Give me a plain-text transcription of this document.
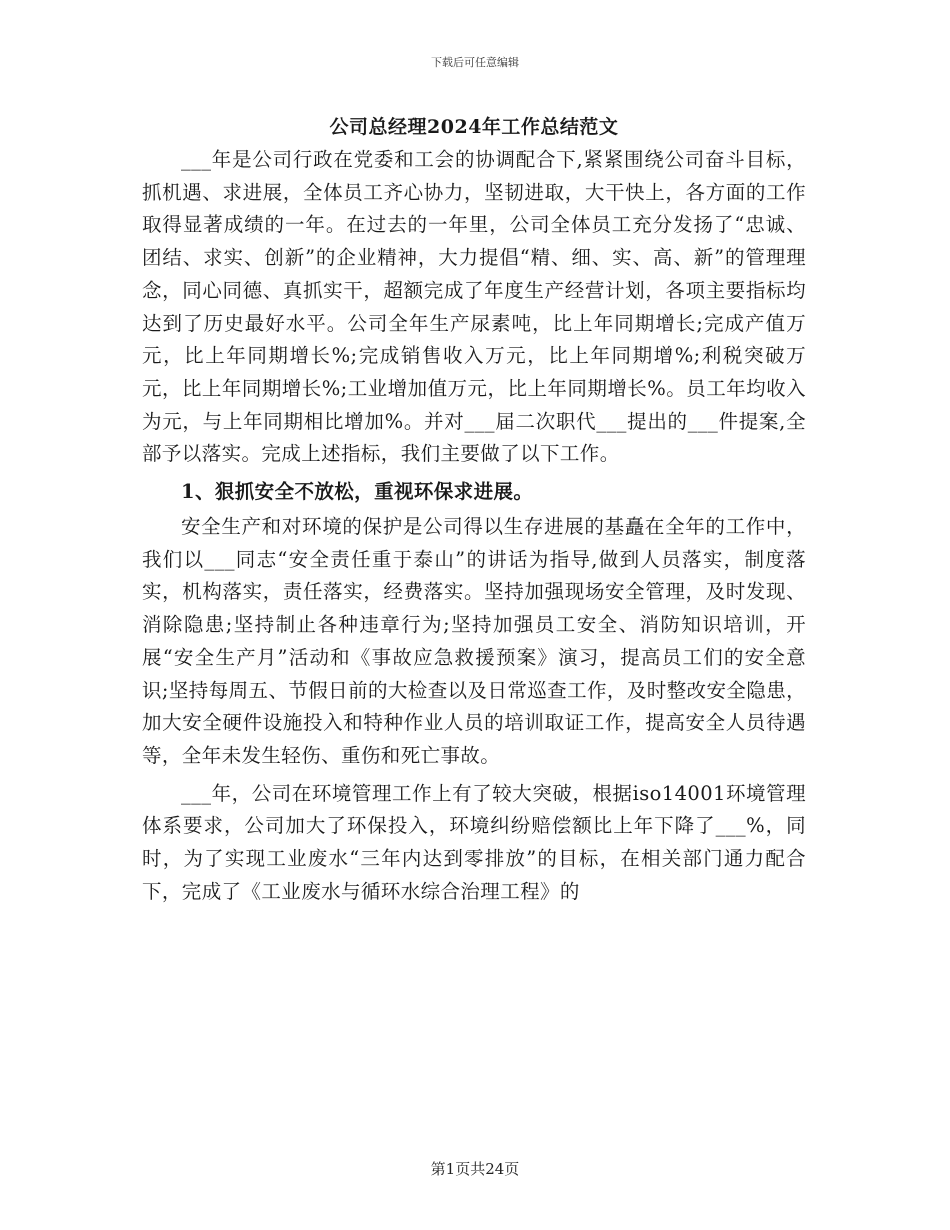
下载后可任意编辑
公司总经理2024年工作总结范文

___年是公司行政在党委和工会的协调配合下,紧紧围绕公司奋斗目标，抓机遇、求进展，全体员工齐心协力，坚韧进取，大干快上，各方面的工作取得显著成绩的一年。在过去的一年里，公司全体员工充分发扬了“忠诚、团结、求实、创新”的企业精神，大力提倡“精、细、实、高、新”的管理理念，同心同德、真抓实干，超额完成了年度生产经营计划，各项主要指标均达到了历史最好水平。公司全年生产尿素吨，比上年同期增长;完成产值万元，比上年同期增长%;完成销售收入万元，比上年同期增%;利税突破万元，比上年同期增长%;工业增加值万元，比上年同期增长%。员工年均收入为元，与上年同期相比增加%。并对___届二次职代___提出的___件提案,全部予以落实。完成上述指标，我们主要做了以下工作。

1、狠抓安全不放松，重视环保求进展。

安全生产和对环境的保护是公司得以生存进展的基矗在全年的工作中，我们以___同志“安全责任重于泰山”的讲话为指导,做到人员落实，制度落实，机构落实，责任落实，经费落实。坚持加强现场安全管理，及时发现、消除隐患;坚持制止各种违章行为;坚持加强员工安全、消防知识培训，开展“安全生产月”活动和《事故应急救援预案》演习，提高员工们的安全意识;坚持每周五、节假日前的大检查以及日常巡查工作，及时整改安全隐患，加大安全硬件设施投入和特种作业人员的培训取证工作，提高安全人员待遇等，全年未发生轻伤、重伤和死亡事故。

___年，公司在环境管理工作上有了较大突破，根据iso14001环境管理体系要求，公司加大了环保投入，环境纠纷赔偿额比上年下降了___%，同时，为了实现工业废水“三年内达到零排放”的目标，在相关部门通力配合下，完成了《工业废水与循环水综合治理工程》的

第1页共24页
